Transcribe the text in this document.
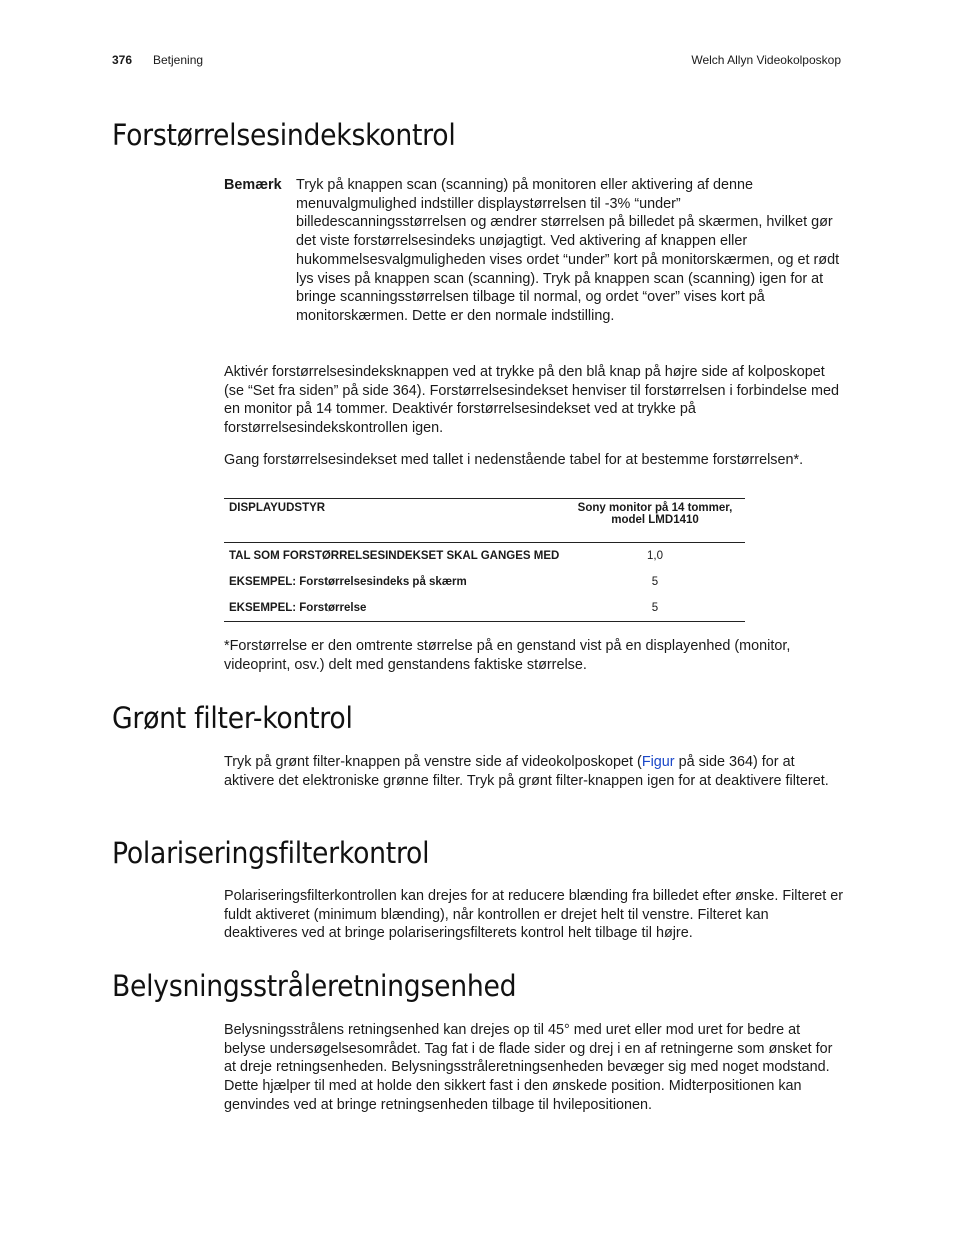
376 Betjening	Welch Allyn Videokolposkop
Forstørrelsesindekskontrol
Bemærk Tryk på knappen scan (scanning) på monitoren eller aktivering af denne menuvalgmulighed indstiller displaystørrelsen til -3% “under” billedescanningsstørrelsen og ændrer størrelsen på billedet på skærmen, hvilket gør det viste forstørrelsesindeks unøjagtigt. Ved aktivering af knappen eller hukommelsesvalgmuligheden vises ordet “under” kort på monitorskærmen, og et rødt lys vises på knappen scan (scanning). Tryk på knappen scan (scanning) igen for at bringe scanningsstørrelsen tilbage til normal, og ordet “over” vises kort på monitorskærmen. Dette er den normale indstilling.

Aktivér forstørrelsesindeksknappen ved at trykke på den blå knap på højre side af kolposkopet (se “Set fra siden” på side 364). Forstørrelsesindekset henviser til forstørrelsen i forbindelse med en monitor på 14 tommer. Deaktivér forstørrelsesindekset ved at trykke på forstørrelsesindekskontrollen igen.

Gang forstørrelsesindekset med tallet i nedenstående tabel for at bestemme forstørrelsen*.

DISPLAYUDSTYR	Sony monitor på 14 tommer,
model LMD1410
TAL SOM FORSTØRRELSESINDEKSET SKAL GANGES MED	1,0
EKSEMPEL: Forstørrelsesindeks på skærm	5
EKSEMPEL: Forstørrelse	5

*Forstørrelse er den omtrente størrelse på en genstand vist på en displayenhed (monitor, videoprint, osv.) delt med genstandens faktiske størrelse.

Grønt filter-kontrol

Tryk på grønt filter-knappen på venstre side af videokolposkopet (Figur på side 364) for at aktivere det elektroniske grønne filter. Tryk på grønt filter-knappen igen for at deaktivere filteret.

Polariseringsfilterkontrol

Polariseringsfilterkontrollen kan drejes for at reducere blænding fra billedet efter ønske. Filteret er fuldt aktiveret (minimum blænding), når kontrollen er drejet helt til venstre. Filteret kan deaktiveres ved at bringe polariseringsfilterets kontrol helt tilbage til højre.

Belysningsstråleretningsenhed

Belysningsstrålens retningsenhed kan drejes op til 45° med uret eller mod uret for bedre at belyse undersøgelsesområdet. Tag fat i de flade sider og drej i en af retningerne som ønsket for at dreje retningsenheden. Belysningsstråleretningsenheden bevæger sig med noget modstand. Dette hjælper til med at holde den sikkert fast i den ønskede position. Midterpositionen kan genvindes ved at bringe retningsenheden tilbage til hvilepositionen.
